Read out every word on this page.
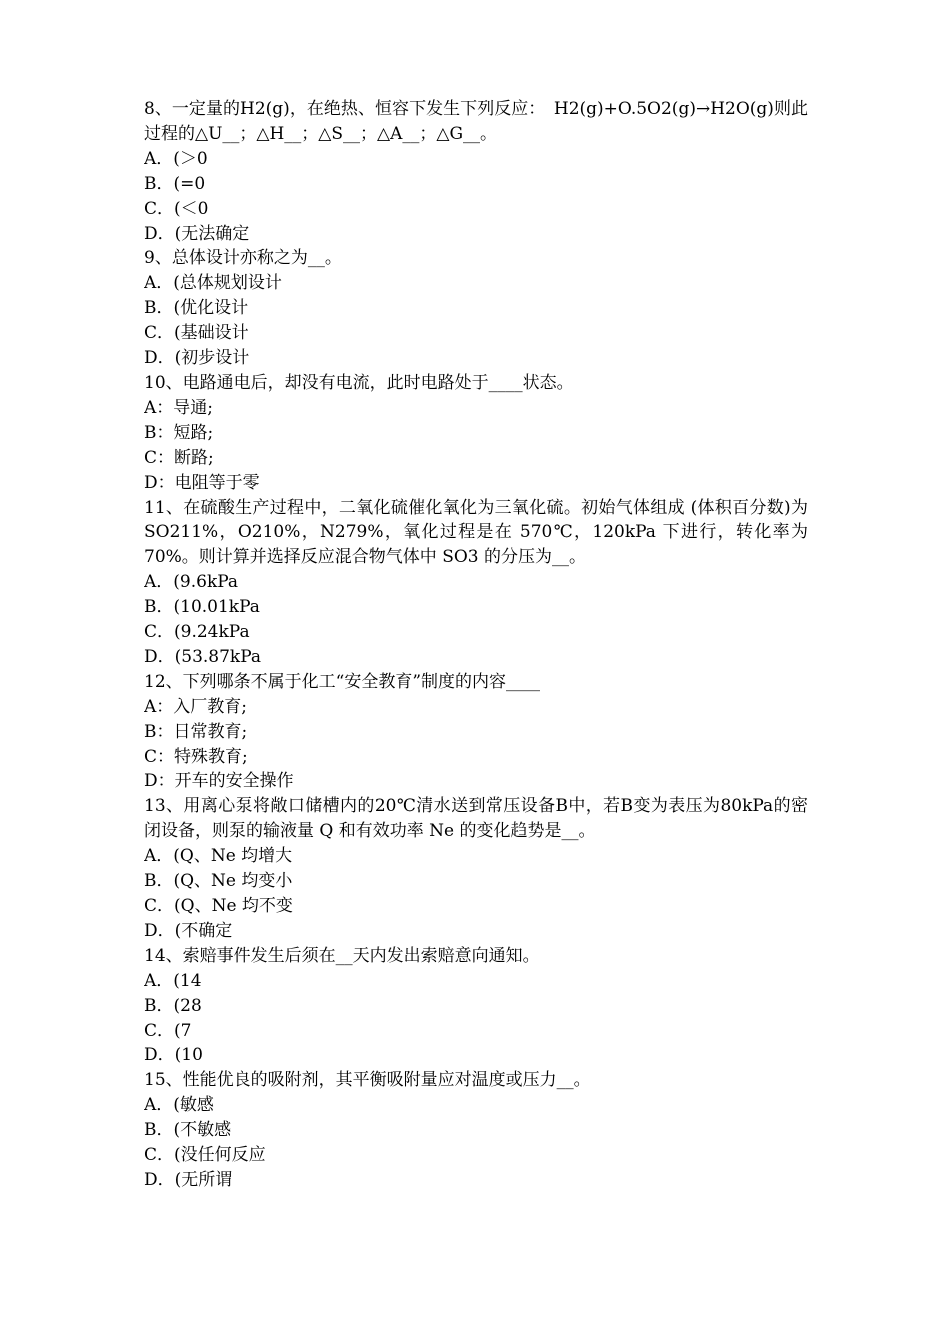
8、一定量的H2(g)，在绝热、恒容下发生下列反应：　H2(g)+O.5O2(g)→H2O(g)则此过程的△U__；△H__；△S__；△A__；△G__。
A．(＞0
B．(=0
C．(＜0
D．(无法确定
9、总体设计亦称之为__。
A．(总体规划设计
B．(优化设计
C．(基础设计
D．(初步设计
10、电路通电后，却没有电流，此时电路处于____状态。
A：导通;
B：短路;
C：断路;
D：电阻等于零
11、在硫酸生产过程中，二氧化硫催化氧化为三氧化硫。初始气体组成 (体积百分数)为 SO211%，O210%，N279%，氧化过程是在 570℃，120kPa 下进行，转化率为 70%。则计算并选择反应混合物气体中 SO3 的分压为__。
A．(9.6kPa
B．(10.01kPa
C．(9.24kPa
D．(53.87kPa
12、下列哪条不属于化工“安全教育”制度的内容____
A：入厂教育;
B：日常教育;
C：特殊教育;
D：开车的安全操作
13、用离心泵将敞口储槽内的20℃清水送到常压设备B中，若B变为表压为80kPa的密闭设备，则泵的输液量 Q 和有效功率 Ne 的变化趋势是__。
A．(Q、Ne 均增大
B．(Q、Ne 均变小
C．(Q、Ne 均不变
D．(不确定
14、索赔事件发生后须在__天内发出索赔意向通知。
A．(14
B．(28
C．(7
D．(10
15、性能优良的吸附剂，其平衡吸附量应对温度或压力__。
A．(敏感
B．(不敏感
C．(没任何反应
D．(无所谓
